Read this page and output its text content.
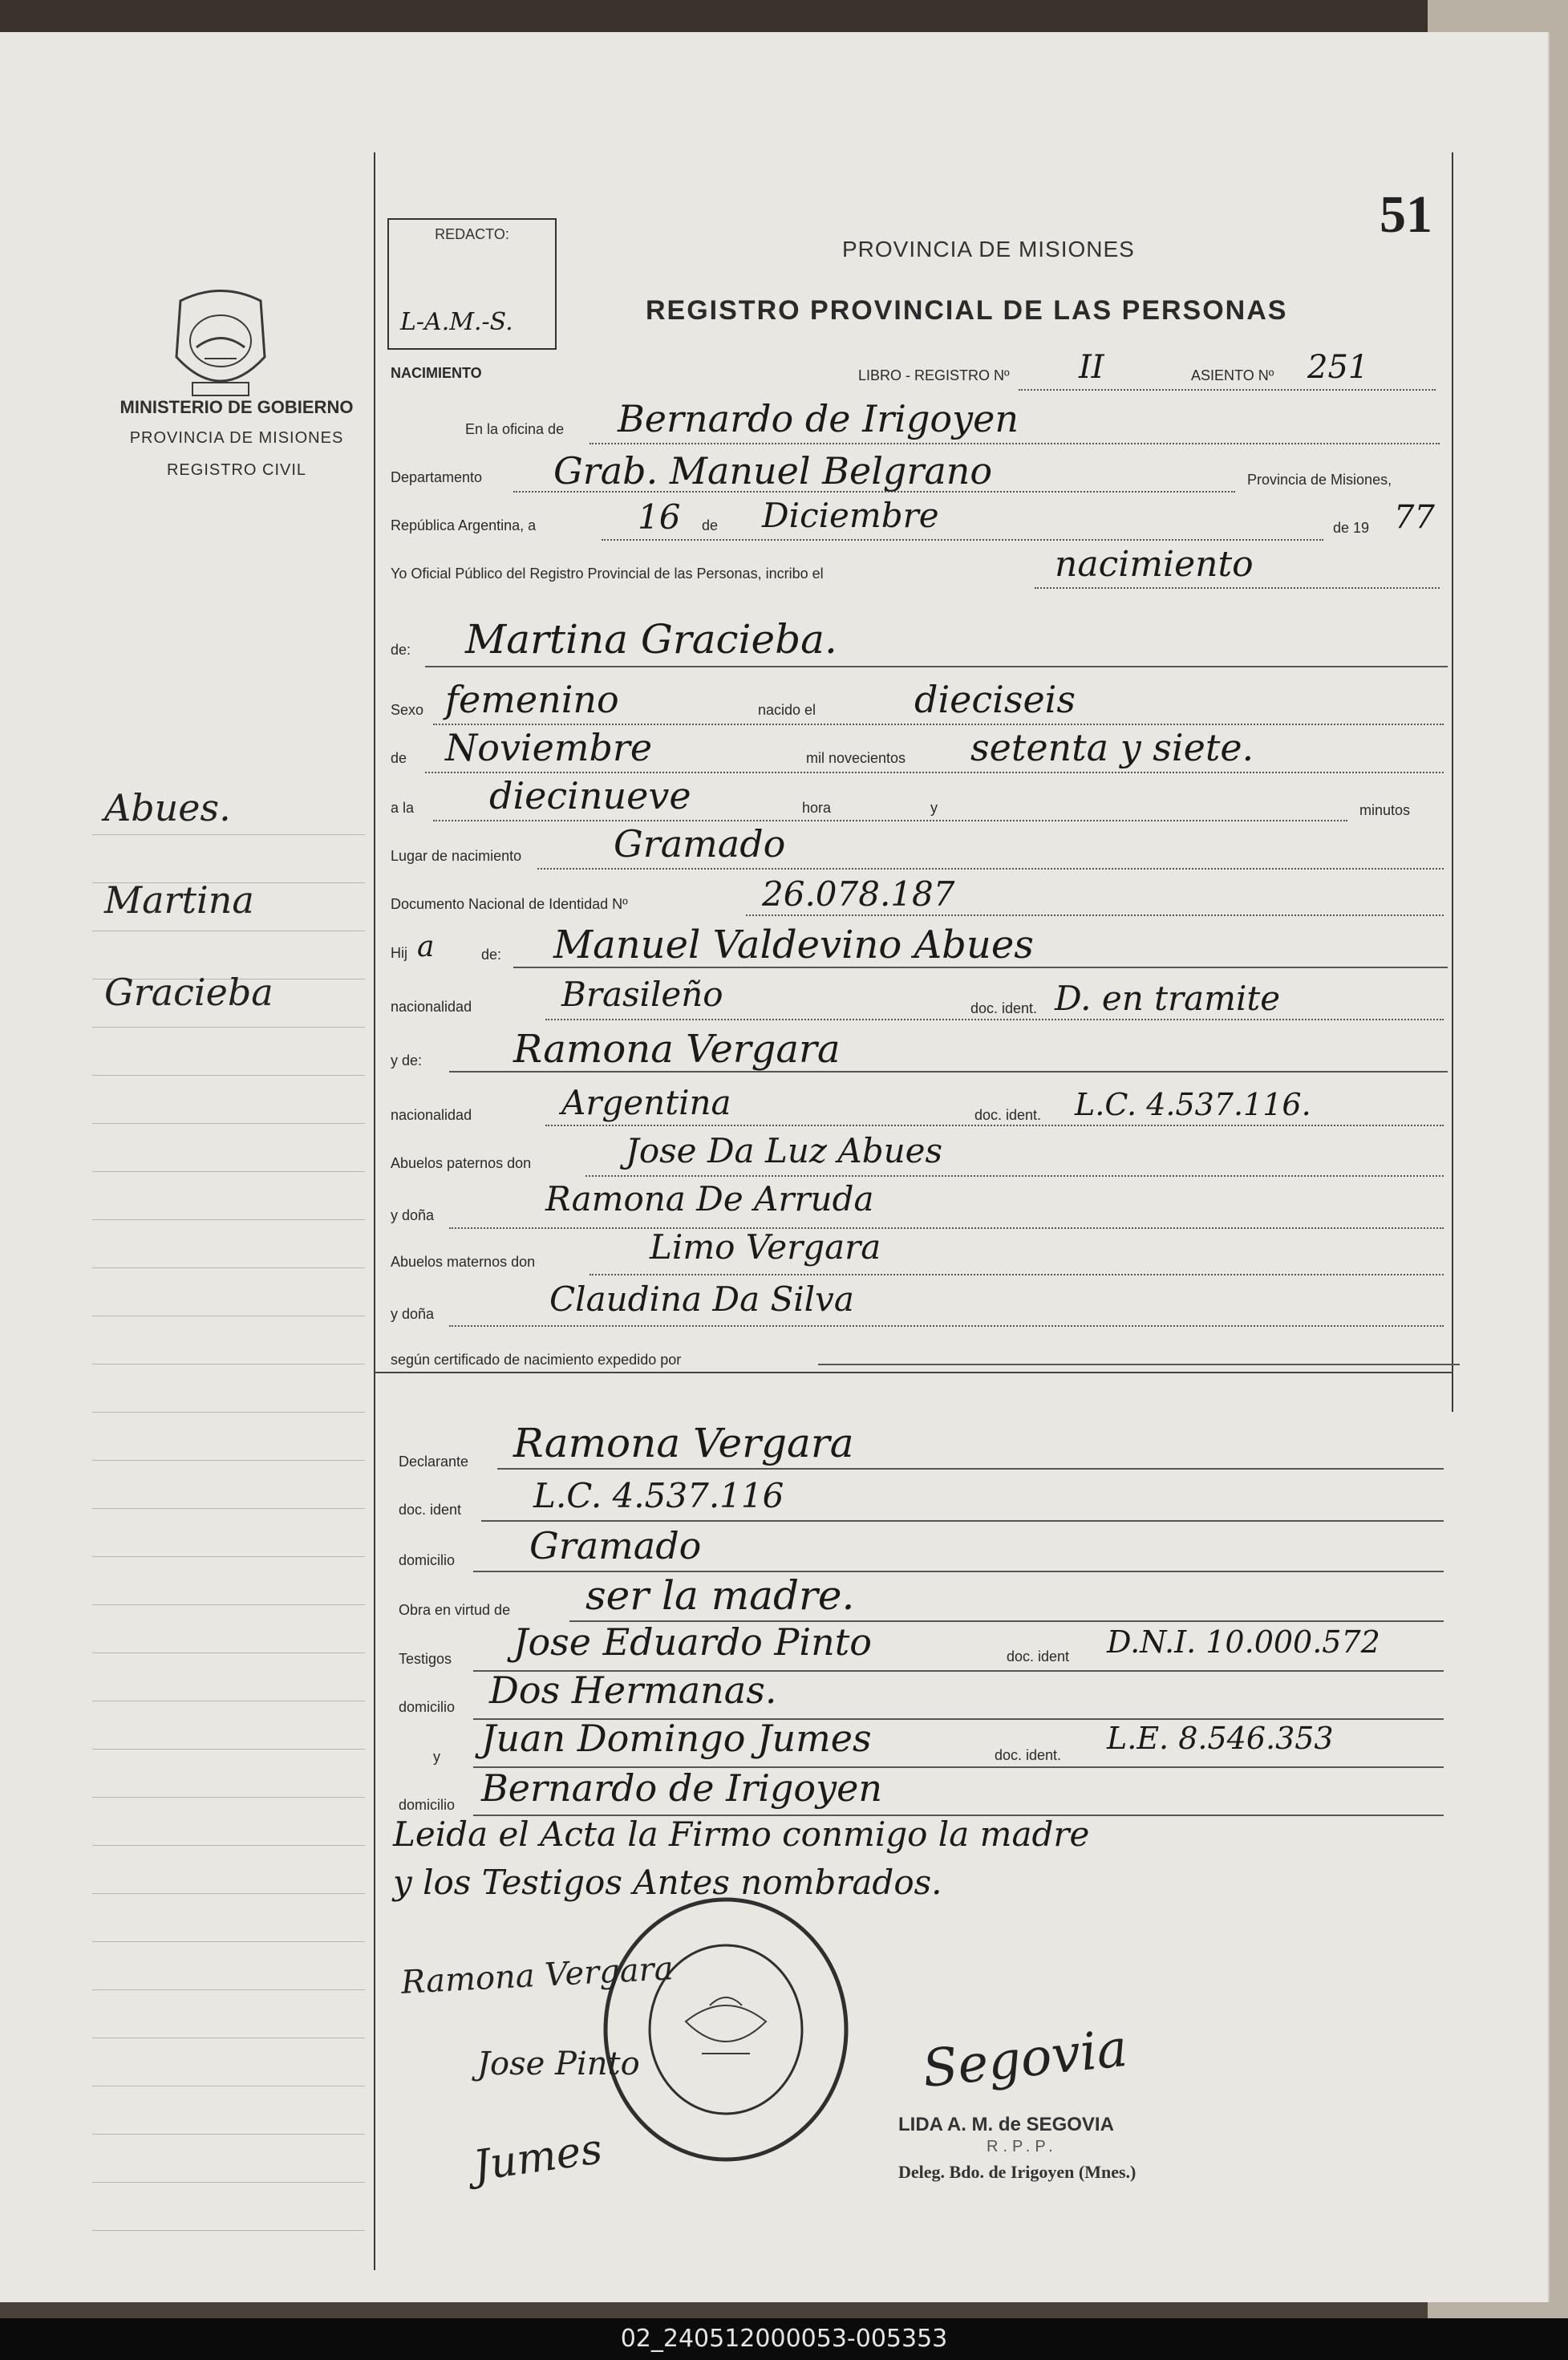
51
REDACTO:
L-A.M.-S.
PROVINCIA DE MISIONES
REGISTRO PROVINCIAL DE LAS PERSONAS
MINISTERIO DE GOBIERNO
PROVINCIA DE MISIONES
REGISTRO CIVIL
Abues.
Martina
Gracieba
NACIMIENTO	LIBRO - REGISTRO Nº II	ASIENTO Nº 251
En la oficina de Bernardo de Irigoyen
Departamento Grab. Manuel Belgrano	Provincia de Misiones,
República Argentina, a	16 de Diciembre	de 19 77
Yo Oficial Público del Registro Provincial de las Personas, incribo el	nacimiento
de: Martina Gracieba.
Sexo femenino	nacido el	dieciseis
de Noviembre	mil novecientos setenta y siete.
a la diecinueve	hora	y	minutos
Lugar de nacimiento Gramado
Documento Nacional de Identidad Nº	26.078.187
Hij a	de: Manuel Valdevino Abues
nacionalidad	Brasileño	doc. ident. D. en tramite
y de: Ramona Vergara
nacionalidad	Argentina	doc. ident. L.C. 4.537.116.
Abuelos paternos don	Jose Da Luz Abues
y doña	Ramona De Arruda
Abuelos maternos don	Limo Vergara
y doña	Claudina Da Silva
según certificado de nacimiento expedido por
Declarante Ramona Vergara
doc. ident L.C. 4.537.116
domicilio Gramado
Obra en virtud de ser la madre.
Testigos Jose Eduardo Pinto	doc. ident D.N.I. 10.000.572
domicilio Dos Hermanas.
y Juan Domingo Jumes	doc. ident. L.E. 8.546.353
domicilio Bernardo de Irigoyen
Leida el Acta la Firmo conmigo la madre
y los Testigos Antes nombrados.
Ramona Vergara
Jose Pinto
Jumes
Segovia
LIDA A. M. de SEGOVIA
R.P.P.
Deleg. Bdo. de Irigoyen (Mnes.)
02_240512000053-005353
